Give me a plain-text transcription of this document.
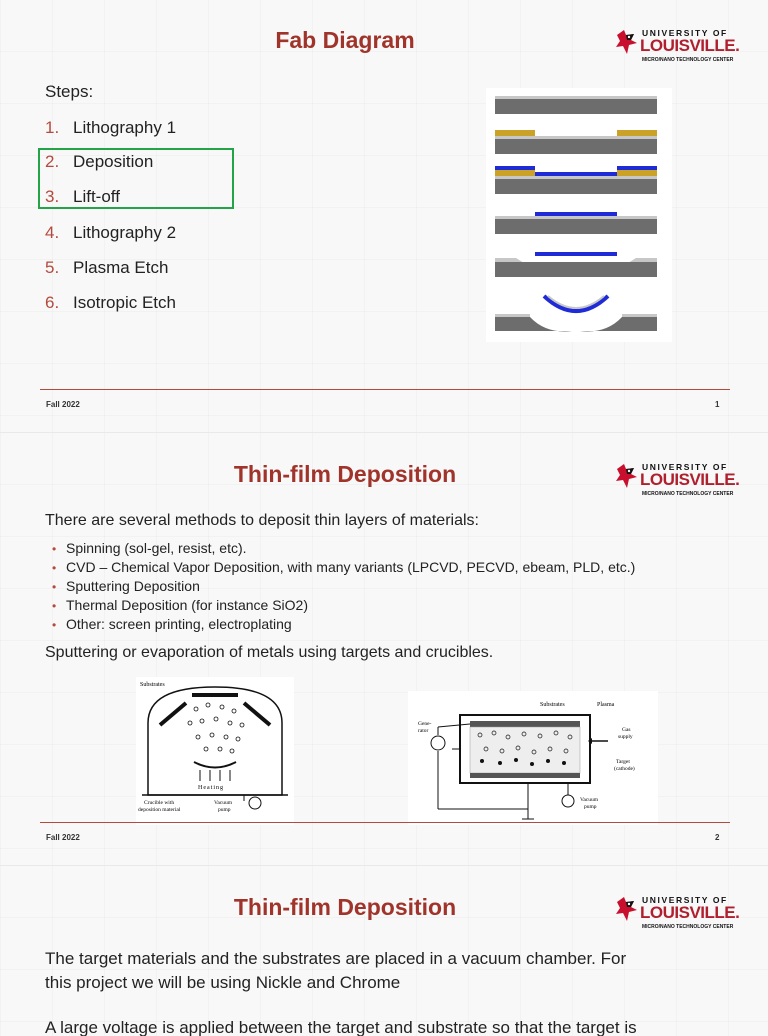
Fab Diagram	UNIVERSITY OF
LOUISVILLE.
MICRO/NANO TECHNOLOGY CENTER
Steps:
1. Lithography 1
2. Deposition
3. Lift-off
4. Lithography 2
5. Plasma Etch
6. Isotropic Etch
Fall 2022	1
Thin-film Deposition	UNIVERSITY OF
LOUISVILLE.
MICRO/NANO TECHNOLOGY CENTER
There are several methods to deposit thin layers of materials:
• Spinning (sol-gel, resist, etc).
• CVD – Chemical Vapor Deposition, with many variants (LPCVD, PECVD, ebeam, PLD, etc.)
• Sputtering Deposition
• Thermal Deposition (for instance SiO2)
• Other: screen printing, electroplating
Sputtering or evaporation of metals using targets and crucibles.
Substrates
Heating
Crucible with
deposition material
Vacuum
pump
Substrates	Plasma
Gene-
rator	Gas
supply
Target
(cathode)
Vacuum
pump
Fall 2022	2
Thin-film Deposition	UNIVERSITY OF
LOUISVILLE.
MICRO/NANO TECHNOLOGY CENTER
The target materials and the substrates are placed in a vacuum chamber. For
this project we will be using Nickle and Chrome
A large voltage is applied between the target and substrate so that the target is
